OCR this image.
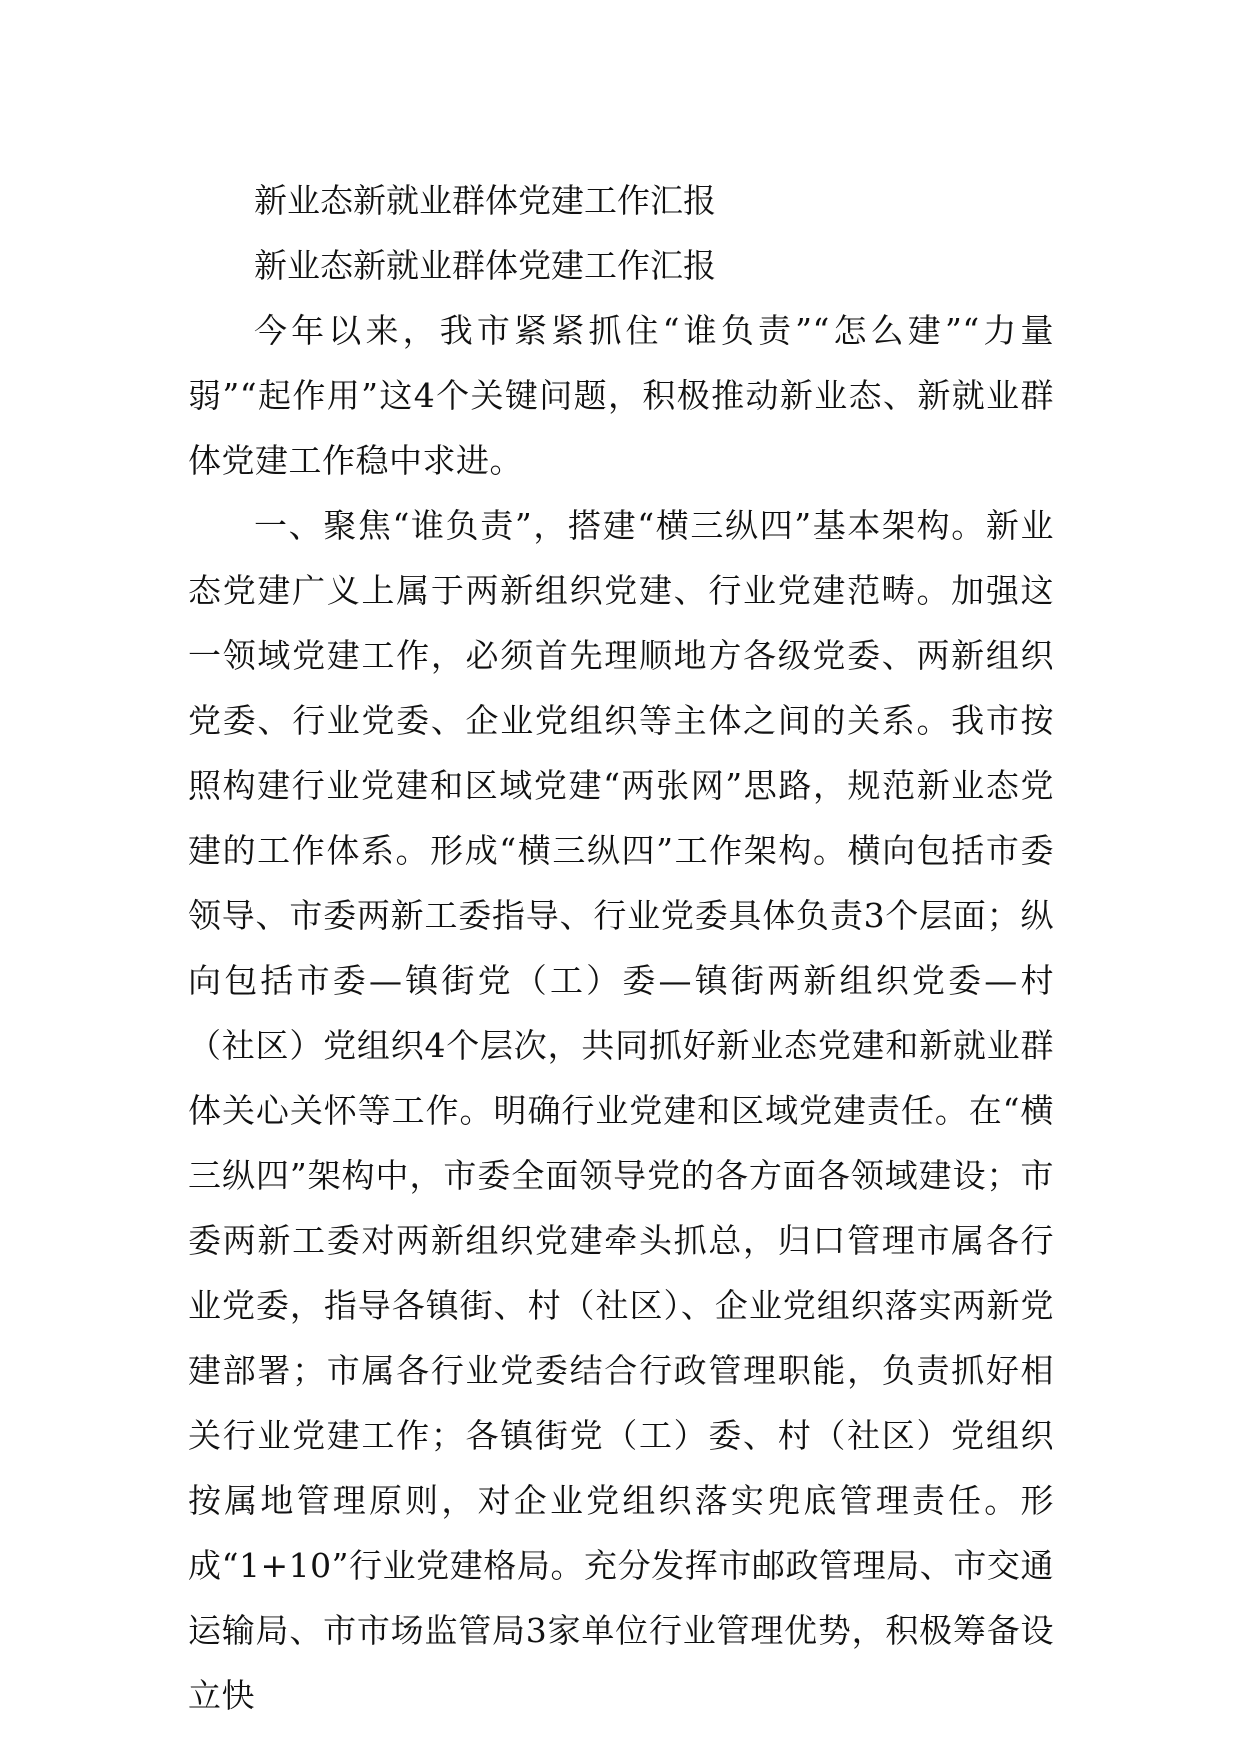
新业态新就业群体党建工作汇报

新业态新就业群体党建工作汇报

今年以来，我市紧紧抓住“谁负责”“怎么建”“力量弱”“起作用”这4个关键问题，积极推动新业态、新就业群体党建工作稳中求进。

一、聚焦“谁负责”，搭建“横三纵四”基本架构。新业态党建广义上属于两新组织党建、行业党建范畴。加强这一领域党建工作，必须首先理顺地方各级党委、两新组织党委、行业党委、企业党组织等主体之间的关系。我市按照构建行业党建和区域党建“两张网”思路，规范新业态党建的工作体系。形成“横三纵四”工作架构。横向包括市委领导、市委两新工委指导、行业党委具体负责3个层面；纵向包括市委—镇街党（工）委—镇街两新组织党委—村（社区）党组织4个层次，共同抓好新业态党建和新就业群体关心关怀等工作。明确行业党建和区域党建责任。在“横三纵四”架构中，市委全面领导党的各方面各领域建设；市委两新工委对两新组织党建牵头抓总，归口管理市属各行业党委，指导各镇街、村（社区）、企业党组织落实两新党建部署；市属各行业党委结合行政管理职能，负责抓好相关行业党建工作；各镇街党（工）委、村（社区）党组织按属地管理原则，对企业党组织落实兜底管理责任。形成“1+10”行业党建格局。充分发挥市邮政管理局、市交通运输局、市市场监管局3家单位行业管理优势，积极筹备设立快
